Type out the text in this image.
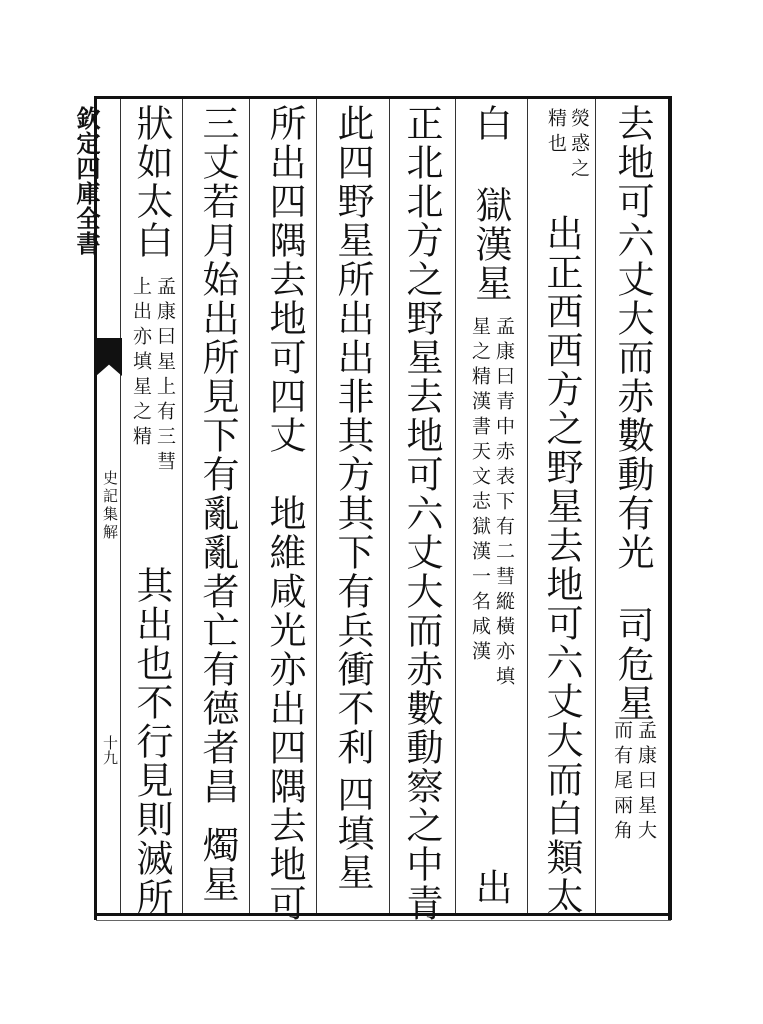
欽定四庫全書
史記集解
十九
去地可六丈大而赤數動有光
司危星
孟康曰星大
而有尾兩角
熒惑之
精也
出正西西方之野星去地可六丈大而白類太
白
獄漢星
孟康曰青中赤表下有二彗縱橫亦填
星之精漢書天文志獄漢一名咸漢
出
正北北方之野星去地可六丈大而赤數動察之中青
此四野星所出出非其方其下有兵衝不利
四填星
所出四隅去地可四丈
地維咸光亦出四隅去地可
三丈若月始出所見下有亂亂者亡有德者昌
燭星
狀如太白
孟康曰星上有三彗
上出亦填星之精
其出也不行見則滅所
